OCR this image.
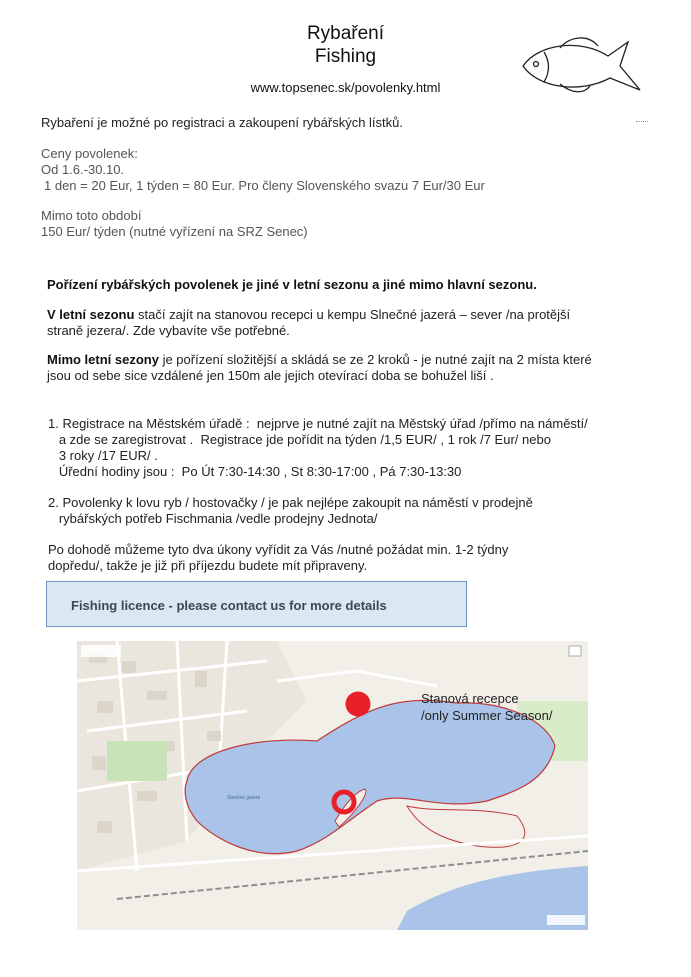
Rybaření
Fishing
www.topsenec.sk/povolenky.html
Rybaření je možné po registraci a zakoupení rybářských lístků.
Ceny povolenek:
Od 1.6.-30.10.
1 den = 20 Eur, 1 týden = 80 Eur. Pro členy Slovenského svazu 7 Eur/30 Eur
Mimo toto období
150 Eur/ týden (nutné vyřízení na SRZ Senec)
Pořízení rybářských povolenek je jiné v letní sezonu a jiné mimo hlavní sezonu.
V letní sezonu stačí zajít na stanovou recepci u kempu Slnečné jazerá – sever /na protější
straně jezera/. Zde vybavíte vše potřebné.
Mimo letní sezony je pořízení složitější a skládá se ze 2 kroků - je nutné zajít na 2 místa které
jsou od sebe sice vzdálené jen 150m ale jejich otevírací doba se bohužel liší .
1. Registrace na Městském úřadě :  nejprve je nutné zajít na Městský úřad /přímo na náměstí/
a zde se zaregistrovat .  Registrace jde pořídit na týden /1,5 EUR/ , 1 rok /7 Eur/ nebo
3 roky /17 EUR/ .
Úřední hodiny jsou :  Po Út 7:30-14:30 , St 8:30-17:00 , Pá 7:30-13:30
2. Povolenky k lovu ryb / hostovačky / je pak nejlépe zakoupit na náměstí v prodejně
rybářských potřeb Fischmania /vedle prodejny Jednota/
Po dohodě můžeme tyto dva úkony vyřídit za Vás /nutné požádat min. 1-2 týdny
dopředu/, takže je již při příjezdu budete mít připraveny.
Fishing licence - please contact us for more details
Sinečné jazerá
Stanová recepce
/only Summer Season/
